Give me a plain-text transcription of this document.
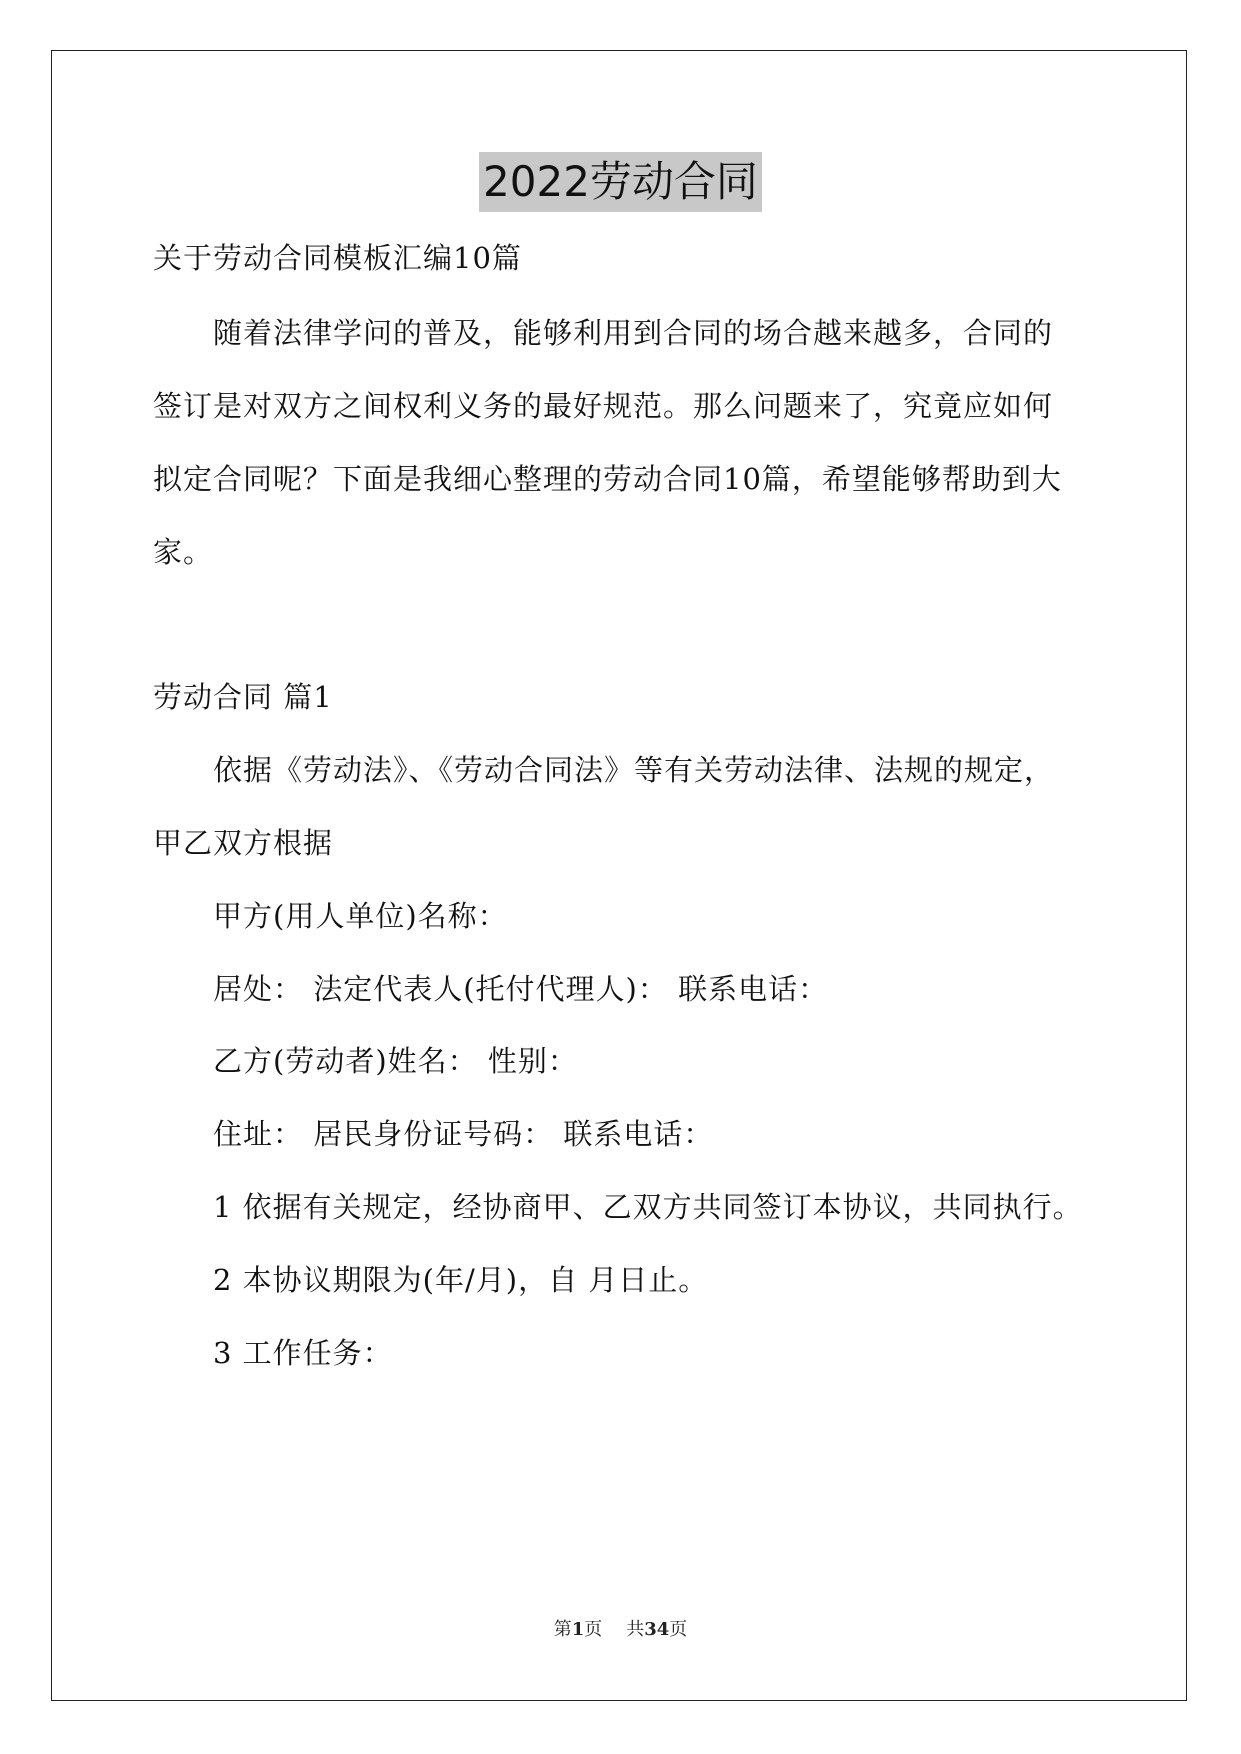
2022劳动合同
关于劳动合同模板汇编10篇
随着法律学问的普及，能够利用到合同的场合越来越多，合同的
签订是对双方之间权利义务的最好规范。那么问题来了，究竟应如何
拟定合同呢？下面是我细心整理的劳动合同10篇，希望能够帮助到大
家。
劳动合同 篇1
依据《劳动法》、《劳动合同法》等有关劳动法律、法规的规定，
甲乙双方根据
甲方(用人单位)名称：
居处： 法定代表人(托付代理人)： 联系电话：
乙方(劳动者)姓名： 性别：
住址： 居民身份证号码： 联系电话：
1 依据有关规定，经协商甲、乙双方共同签订本协议，共同执行。
2 本协议期限为(年/月)，自 月日止。
3 工作任务：
第1页 共34页
